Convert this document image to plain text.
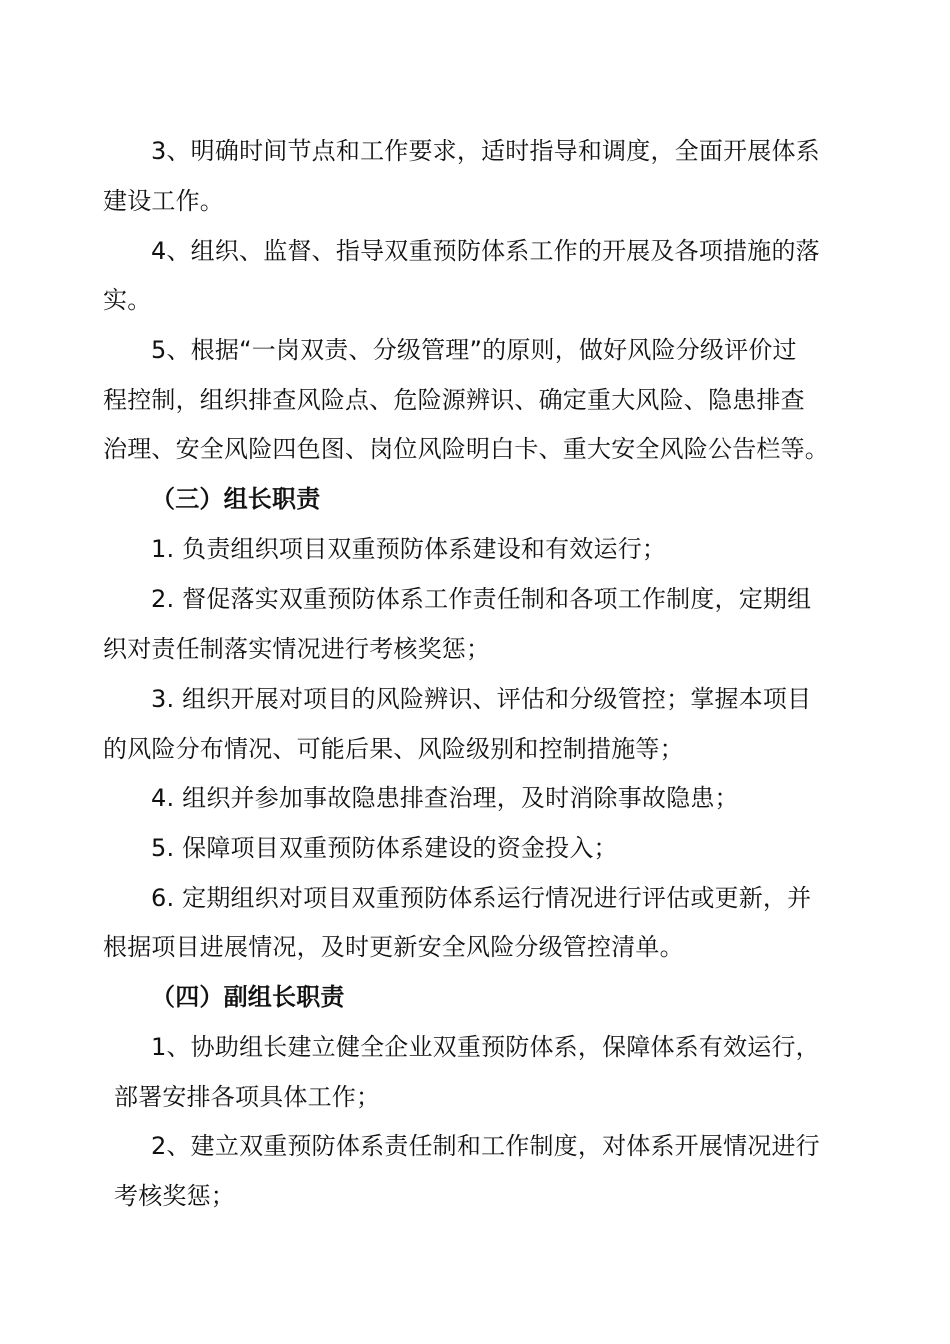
3、明确时间节点和工作要求，适时指导和调度，全面开展体系
建设工作。
4、组织、监督、指导双重预防体系工作的开展及各项措施的落
实。
5、根据“一岗双责、分级管理”的原则，做好风险分级评价过
程控制，组织排查风险点、危险源辨识、确定重大风险、隐患排查
治理、安全风险四色图、岗位风险明白卡、重大安全风险公告栏等。
（三）组长职责
1. 负责组织项目双重预防体系建设和有效运行；
2. 督促落实双重预防体系工作责任制和各项工作制度，定期组
织对责任制落实情况进行考核奖惩；
3. 组织开展对项目的风险辨识、评估和分级管控；掌握本项目
的风险分布情况、可能后果、风险级别和控制措施等；
4. 组织并参加事故隐患排查治理，及时消除事故隐患；
5. 保障项目双重预防体系建设的资金投入；
6. 定期组织对项目双重预防体系运行情况进行评估或更新，并
根据项目进展情况，及时更新安全风险分级管控清单。
（四）副组长职责
1、协助组长建立健全企业双重预防体系，保障体系有效运行，
部署安排各项具体工作；
2、建立双重预防体系责任制和工作制度，对体系开展情况进行
考核奖惩；
